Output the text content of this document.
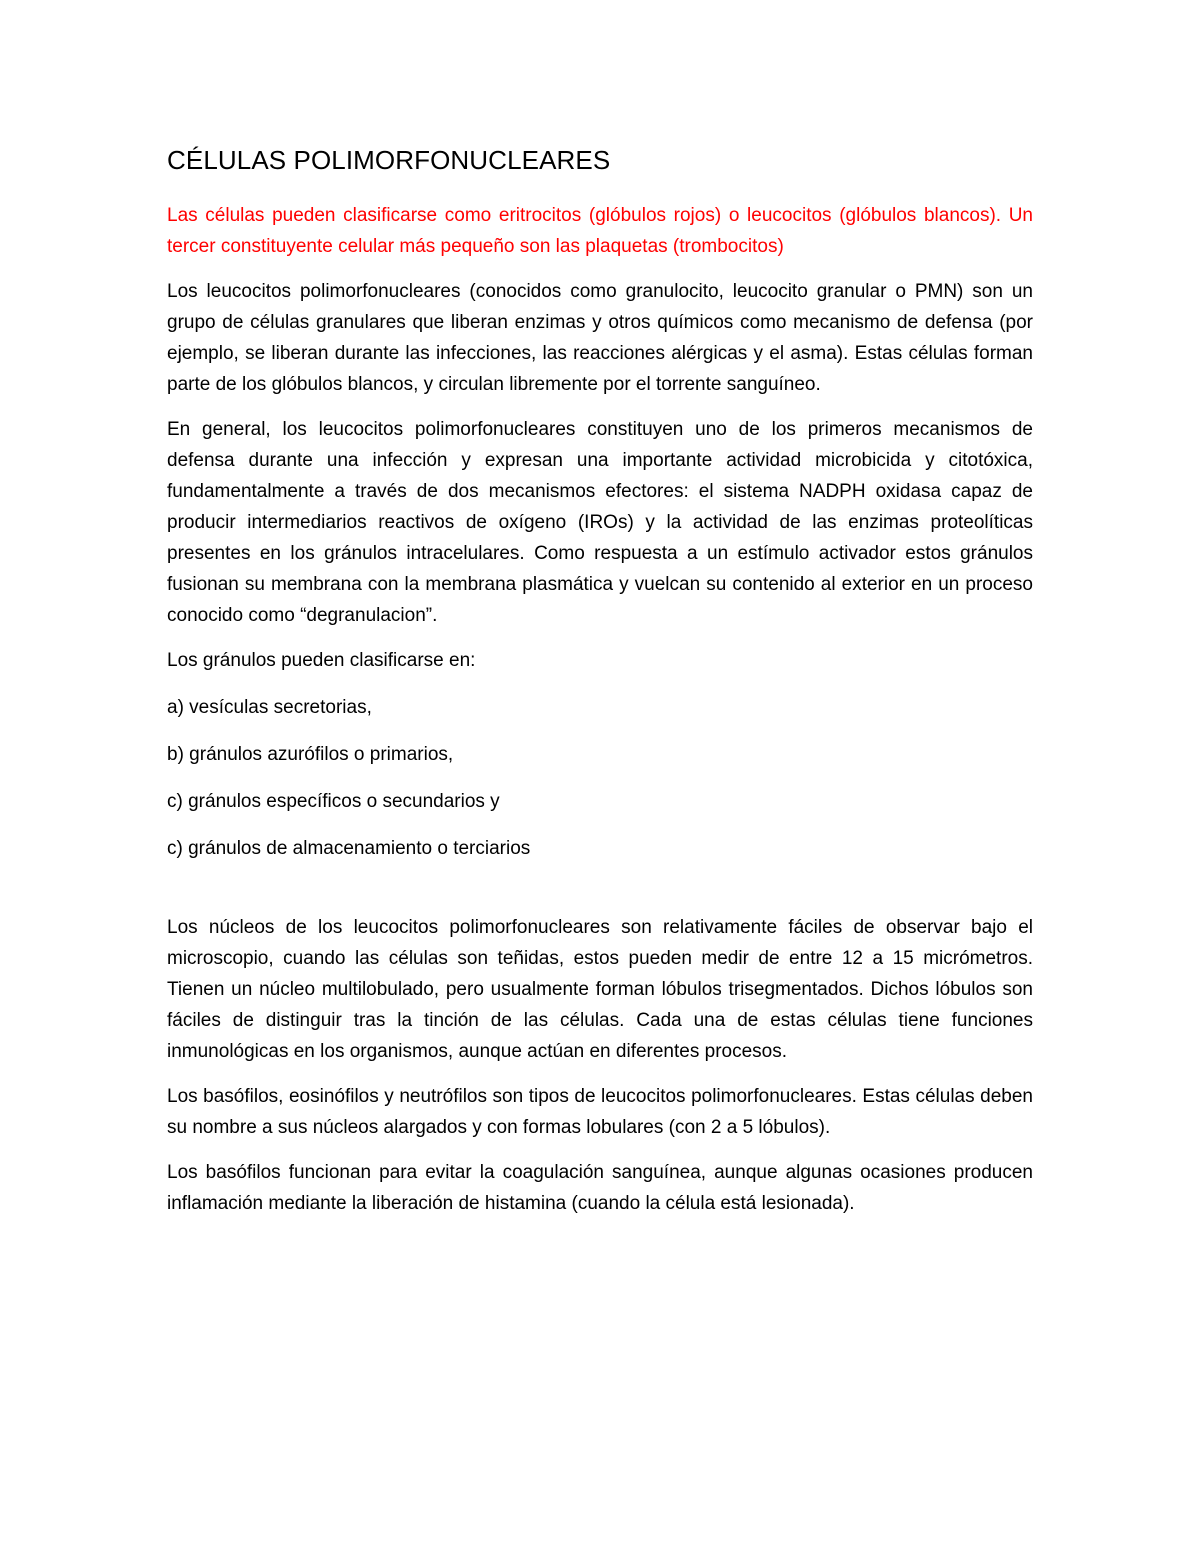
CÉLULAS POLIMORFONUCLEARES

Las células pueden clasificarse como eritrocitos (glóbulos rojos) o leucocitos (glóbulos blancos). Un tercer constituyente celular más pequeño son las plaquetas (trombocitos)

Los leucocitos polimorfonucleares (conocidos como granulocito, leucocito granular o PMN) son un grupo de células granulares que liberan enzimas y otros químicos como mecanismo de defensa (por ejemplo, se liberan durante las infecciones, las reacciones alérgicas y el asma). Estas células forman parte de los glóbulos blancos, y circulan libremente por el torrente sanguíneo.

En general, los leucocitos polimorfonucleares constituyen uno de los primeros mecanismos de defensa durante una infección y expresan una importante actividad microbicida y citotóxica, fundamentalmente a través de dos mecanismos efectores: el sistema NADPH oxidasa capaz de producir intermediarios reactivos de oxígeno (IROs) y la actividad de las enzimas proteolíticas presentes en los gránulos intracelulares. Como respuesta a un estímulo activador estos gránulos fusionan su membrana con la membrana plasmática y vuelcan su contenido al exterior en un proceso conocido como “degranulacion”.

Los gránulos pueden clasificarse en:

a) vesículas secretorias,

b) gránulos azurófilos o primarios,

c) gránulos específicos o secundarios y

c) gránulos de almacenamiento o terciarios

Los núcleos de los leucocitos polimorfonucleares son relativamente fáciles de observar bajo el microscopio, cuando las células son teñidas, estos pueden medir de entre 12 a 15 micrómetros. Tienen un núcleo multilobulado, pero usualmente forman lóbulos trisegmentados. Dichos lóbulos son fáciles de distinguir tras la tinción de las células. Cada una de estas células tiene funciones inmunológicas en los organismos, aunque actúan en diferentes procesos.

Los basófilos, eosinófilos y neutrófilos son tipos de leucocitos polimorfonucleares. Estas células deben su nombre a sus núcleos alargados y con formas lobulares (con 2 a 5 lóbulos).

Los basófilos funcionan para evitar la coagulación sanguínea, aunque algunas ocasiones producen inflamación mediante la liberación de histamina (cuando la célula está lesionada).
